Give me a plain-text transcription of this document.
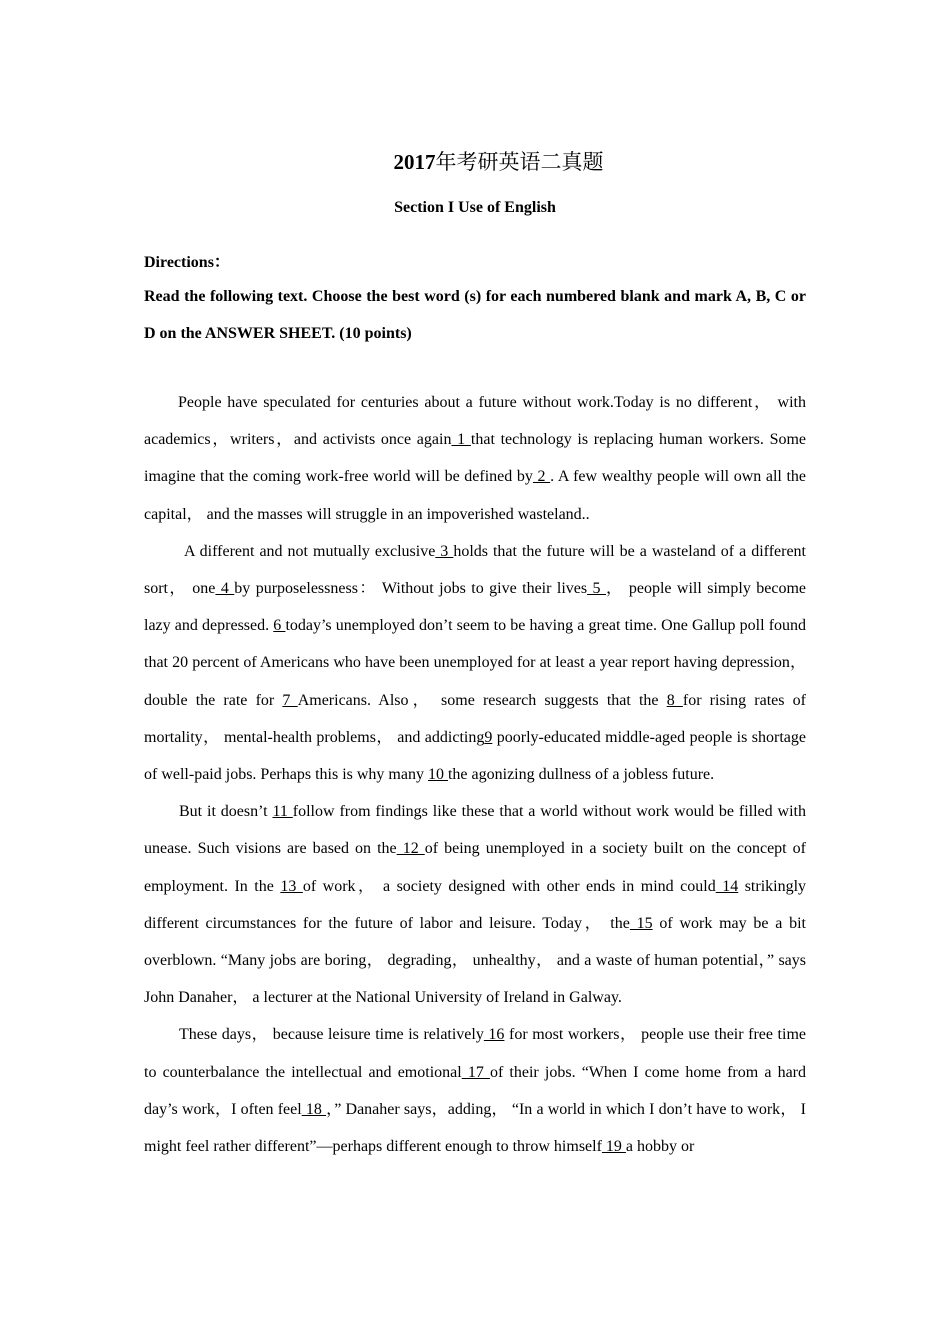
2017年考研英语二真题
Section I Use of English
Directions：
Read the following text. Choose the best word (s) for each numbered blank and mark A, B, C or D on the ANSWER SHEET. (10 points)

People have speculated for centuries about a future without work.Today is no different， with academics，writers，and activists once again 1 that technology is replacing human workers. Some imagine that the coming work-free world will be defined by 2 . A few wealthy people will own all the capital， and the masses will struggle in an impoverished wasteland..

A different and not mutually exclusive 3 holds that the future will be a wasteland of a different sort， one 4 by purposelessness： Without jobs to give their lives 5 ， people will simply become lazy and depressed. 6 today’s unemployed don’t seem to be having a great time. One Gallup poll found that 20 percent of Americans who have been unemployed for at least a year report having depression，double the rate for 7 Americans. Also， some research suggests that the 8 for rising rates of mortality， mental-health problems， and addicting9 poorly-educated middle-aged people is shortage of well-paid jobs. Perhaps this is why many 10 the agonizing dullness of a jobless future.

But it doesn’t 11 follow from findings like these that a world without work would be filled with unease. Such visions are based on the 12 of being unemployed in a society built on the concept of employment. In the 13 of work， a society designed with other ends in mind could 14 strikingly different circumstances for the future of labor and leisure. Today， the 15 of work may be a bit overblown. “Many jobs are boring， degrading， unhealthy， and a waste of human potential，” says John Danaher， a lecturer at the National University of Ireland in Galway.

These days， because leisure time is relatively 16 for most workers， people use their free time to counterbalance the intellectual and emotional 17 of their jobs. “When I come home from a hard day’s work，I often feel 18 ，” Danaher says，adding， “In a world in which I don’t have to work， I might feel rather different”—perhaps different enough to throw himself 19 a hobby or
